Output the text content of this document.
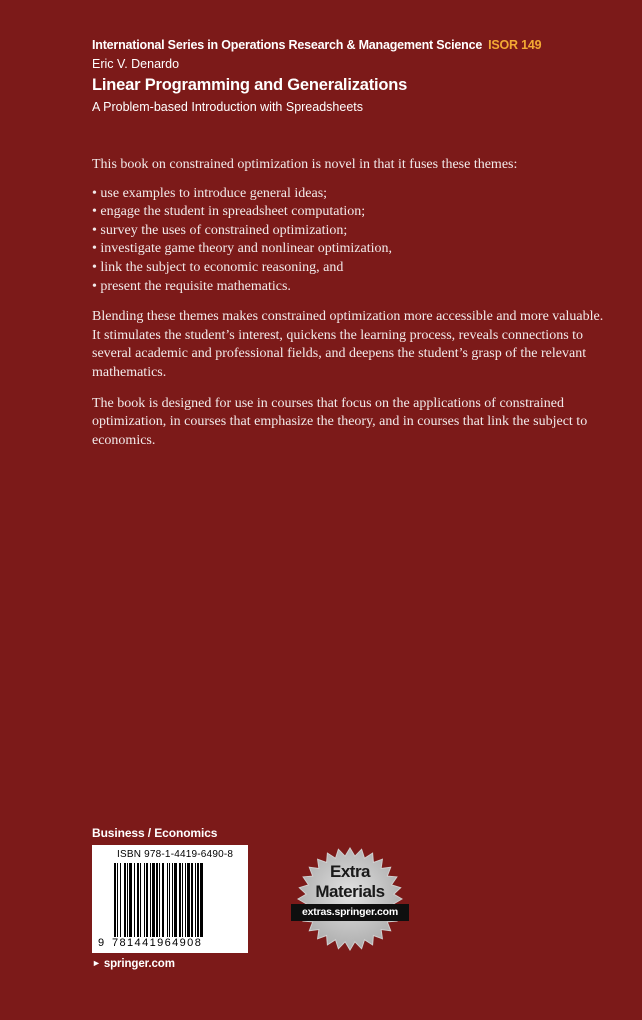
International Series in Operations Research & Management Science ISOR 149
Eric V. Denardo
Linear Programming and Generalizations
A Problem-based Introduction with Spreadsheets

This book on constrained optimization is novel in that it fuses these themes:

• use examples to introduce general ideas;
• engage the student in spreadsheet computation;
• survey the uses of constrained optimization;
• investigate game theory and nonlinear optimization,
• link the subject to economic reasoning, and
• present the requisite mathematics.

Blending these themes makes constrained optimization more accessible and more valuable. It stimulates the student’s interest, quickens the learning process, reveals connections to several academic and professional fields, and deepens the student’s grasp of the relevant mathematics.

The book is designed for use in courses that focus on the applications of constrained optimization, in courses that emphasize the theory, and in courses that link the subject to economics.

Business / Economics
ISBN 978-1-4419-6490-8
9 781441964908
Extra
Materials
extras.springer.com
► springer.com
